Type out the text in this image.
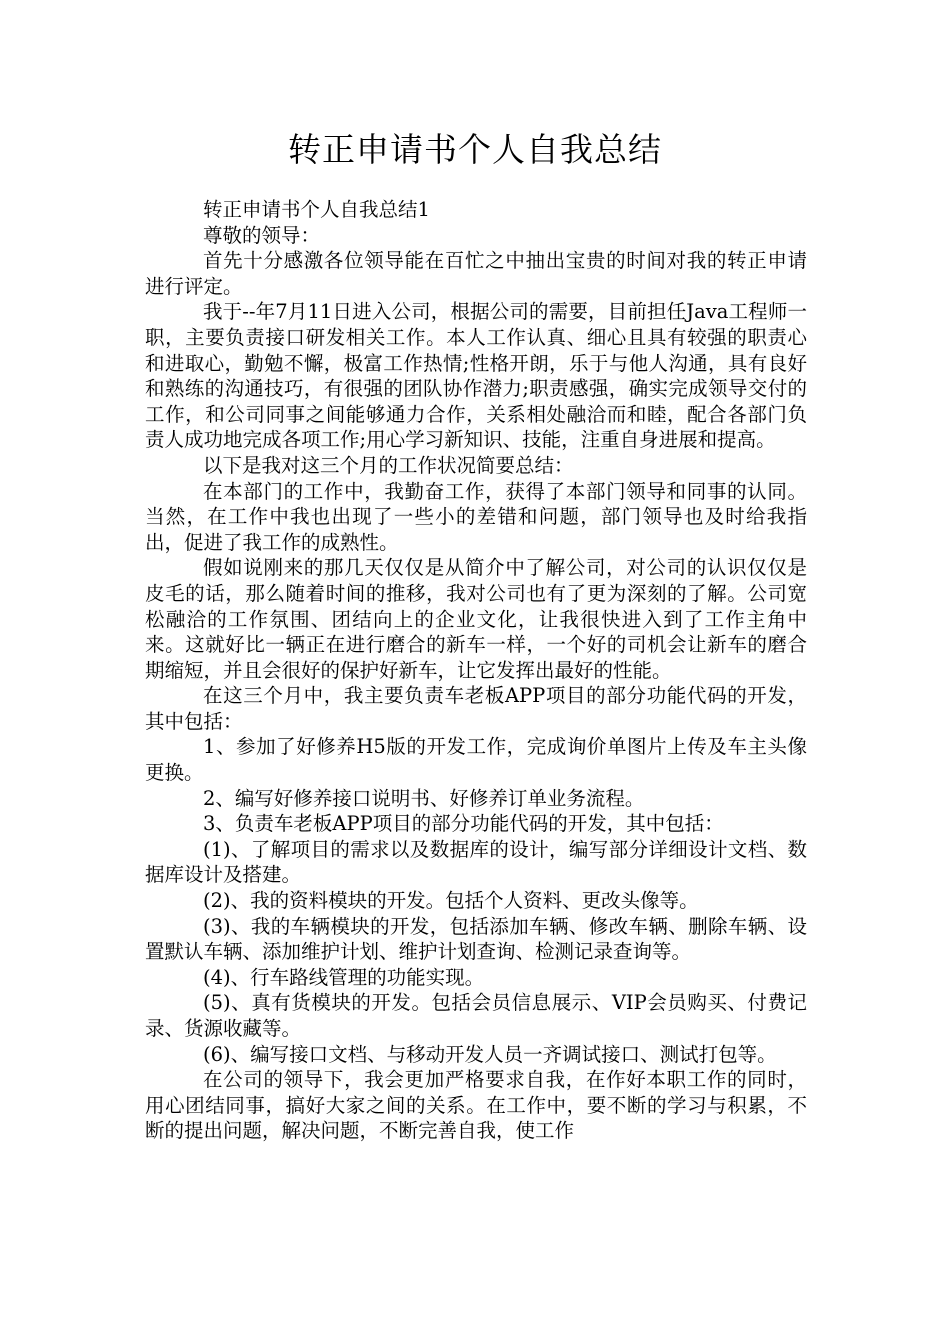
转正申请书个人自我总结

转正申请书个人自我总结1

尊敬的领导：

首先十分感激各位领导能在百忙之中抽出宝贵的时间对我的转正申请进行评定。

我于--年7月11日进入公司，根据公司的需要，目前担任Java工程师一职，主要负责接口研发相关工作。本人工作认真、细心且具有较强的职责心和进取心，勤勉不懈，极富工作热情;性格开朗，乐于与他人沟通，具有良好和熟练的沟通技巧，有很强的团队协作潜力;职责感强，确实完成领导交付的工作，和公司同事之间能够通力合作，关系相处融洽而和睦，配合各部门负责人成功地完成各项工作;用心学习新知识、技能，注重自身进展和提高。

以下是我对这三个月的工作状况简要总结：

在本部门的工作中，我勤奋工作，获得了本部门领导和同事的认同。当然，在工作中我也出现了一些小的差错和问题，部门领导也及时给我指出，促进了我工作的成熟性。

假如说刚来的那几天仅仅是从简介中了解公司，对公司的认识仅仅是皮毛的话，那么随着时间的推移，我对公司也有了更为深刻的了解。公司宽松融洽的工作氛围、团结向上的企业文化，让我很快进入到了工作主角中来。这就好比一辆正在进行磨合的新车一样，一个好的司机会让新车的磨合期缩短，并且会很好的保护好新车，让它发挥出最好的性能。

在这三个月中，我主要负责车老板APP项目的部分功能代码的开发，其中包括：

1、参加了好修养H5版的开发工作，完成询价单图片上传及车主头像更换。

2、编写好修养接口说明书、好修养订单业务流程。

3、负责车老板APP项目的部分功能代码的开发，其中包括：

(1)、了解项目的需求以及数据库的设计，编写部分详细设计文档、数据库设计及搭建。

(2)、我的资料模块的开发。包括个人资料、更改头像等。

(3)、我的车辆模块的开发，包括添加车辆、修改车辆、删除车辆、设置默认车辆、添加维护计划、维护计划查询、检测记录查询等。

(4)、行车路线管理的功能实现。

(5)、真有货模块的开发。包括会员信息展示、VIP会员购买、付费记录、货源收藏等。

(6)、编写接口文档、与移动开发人员一齐调试接口、测试打包等。

在公司的领导下，我会更加严格要求自我，在作好本职工作的同时，用心团结同事，搞好大家之间的关系。在工作中，要不断的学习与积累，不断的提出问题，解决问题，不断完善自我，使工作
